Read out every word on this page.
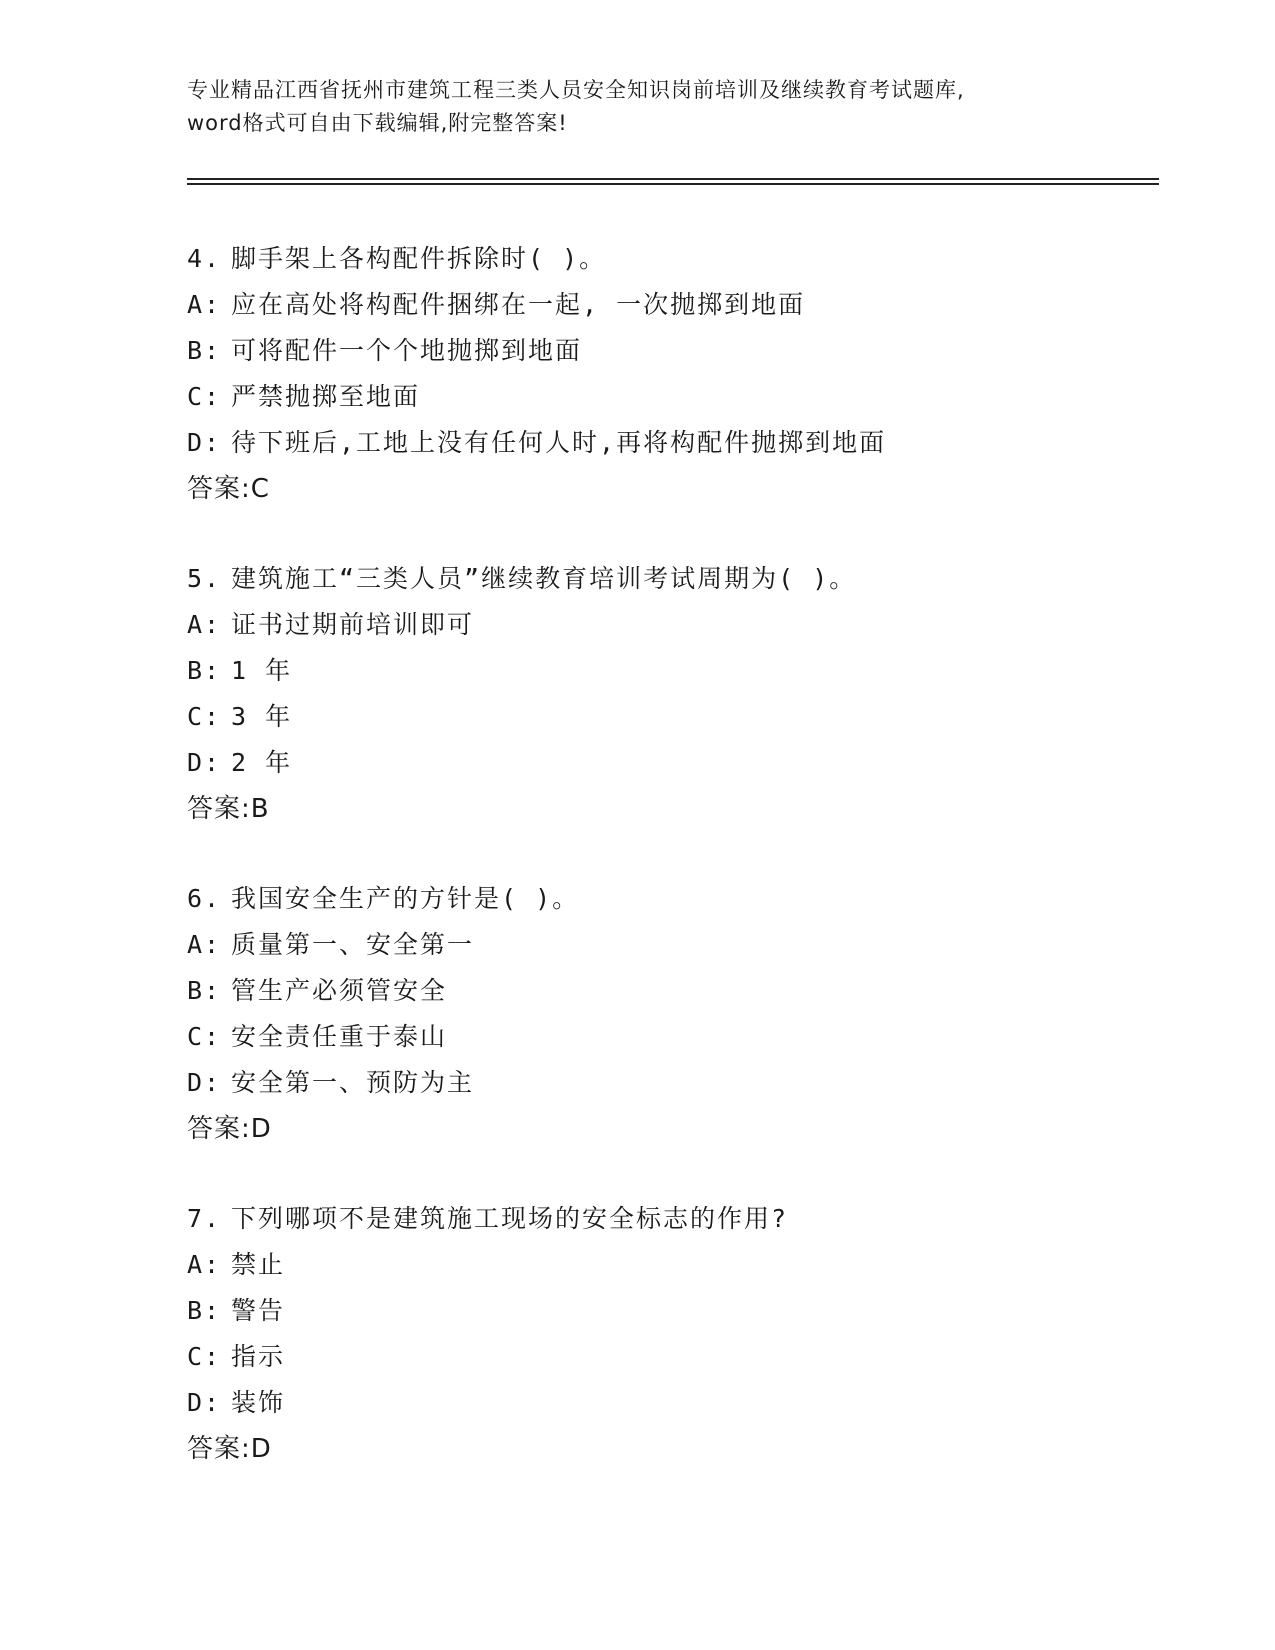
专业精品江西省抚州市建筑工程三类人员安全知识岗前培训及继续教育考试题库,
word格式可自由下载编辑,附完整答案!
4. 脚手架上各构配件拆除时( )。
A: 应在高处将构配件捆绑在一起, 一次抛掷到地面
B: 可将配件一个个地抛掷到地面
C: 严禁抛掷至地面
D: 待下班后,工地上没有任何人时,再将构配件抛掷到地面
答案:C
5. 建筑施工“三类人员”继续教育培训考试周期为( )。
A: 证书过期前培训即可
B: 1 年
C: 3 年
D: 2 年
答案:B
6. 我国安全生产的方针是( )。
A: 质量第一、安全第一
B: 管生产必须管安全
C: 安全责任重于泰山
D: 安全第一、预防为主
答案:D
7. 下列哪项不是建筑施工现场的安全标志的作用?
A: 禁止
B: 警告
C: 指示
D: 装饰
答案:D
